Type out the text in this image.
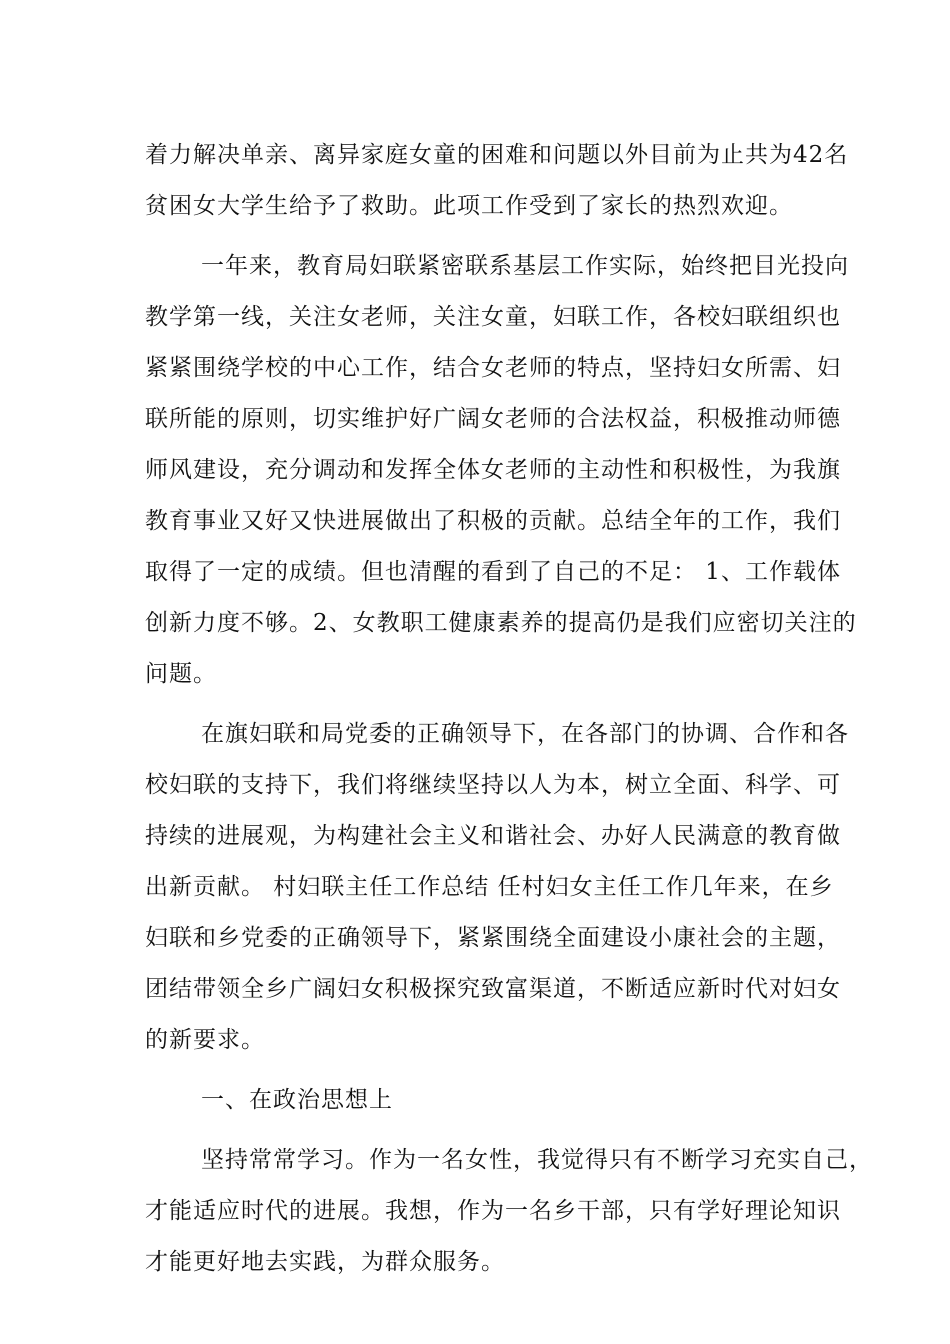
着力解决单亲、离异家庭女童的困难和问题以外目前为止共为42名
贫困女大学生给予了救助。此项工作受到了家长的热烈欢迎。
一年来，教育局妇联紧密联系基层工作实际，始终把目光投向
教学第一线，关注女老师，关注女童，妇联工作，各校妇联组织也
紧紧围绕学校的中心工作，结合女老师的特点，坚持妇女所需、妇
联所能的原则，切实维护好广阔女老师的合法权益，积极推动师德
师风建设，充分调动和发挥全体女老师的主动性和积极性，为我旗
教育事业又好又快进展做出了积极的贡献。总结全年的工作，我们
取得了一定的成绩。但也清醒的看到了自己的不足： 1、工作载体
创新力度不够。2、女教职工健康素养的提高仍是我们应密切关注的
问题。
在旗妇联和局党委的正确领导下，在各部门的协调、合作和各
校妇联的支持下，我们将继续坚持以人为本，树立全面、科学、可
持续的进展观，为构建社会主义和谐社会、办好人民满意的教育做
出新贡献。 村妇联主任工作总结 任村妇女主任工作几年来，在乡
妇联和乡党委的正确领导下，紧紧围绕全面建设小康社会的主题，
团结带领全乡广阔妇女积极探究致富渠道，不断适应新时代对妇女
的新要求。
一、在政治思想上
坚持常常学习。作为一名女性，我觉得只有不断学习充实自己，
才能适应时代的进展。我想，作为一名乡干部，只有学好理论知识
才能更好地去实践，为群众服务。
